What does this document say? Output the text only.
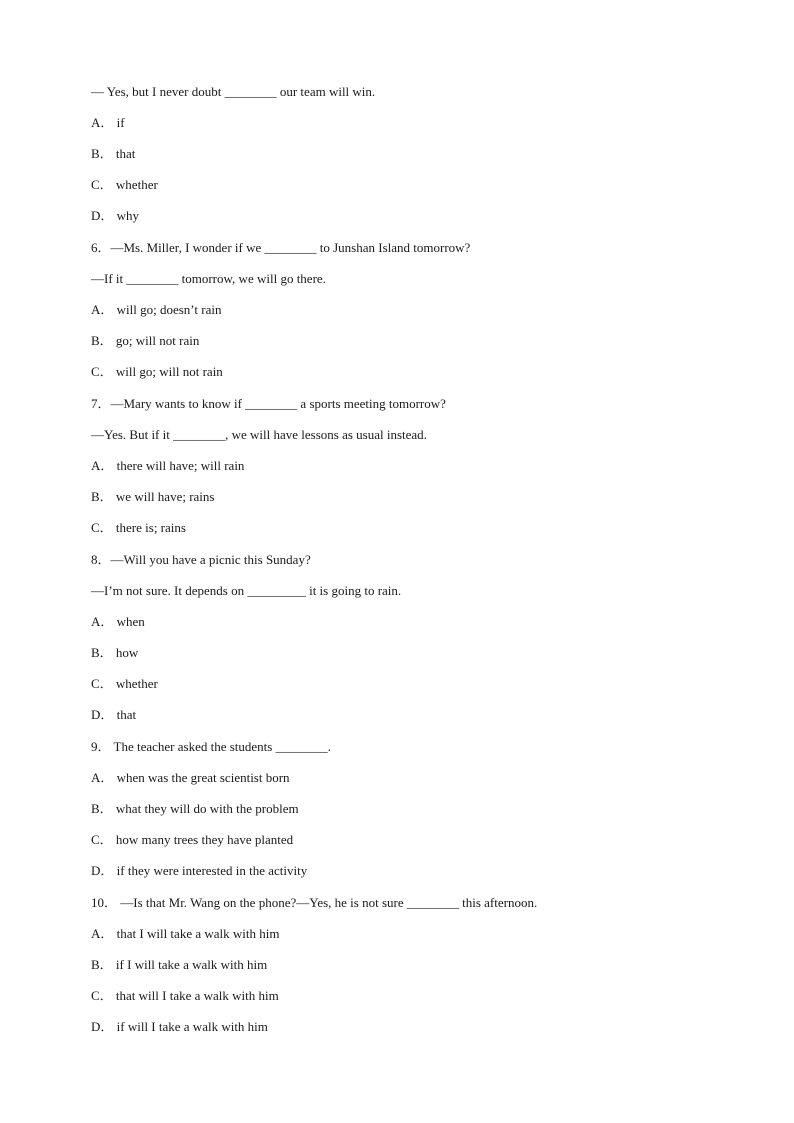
— Yes, but I never doubt ________ our team will win.
A． if
B． that
C． whether
D． why
6．—Ms. Miller, I wonder if we ________ to Junshan Island tomorrow?
—If it ________ tomorrow, we will go there.
A． will go; doesn’t rain
B． go; will not rain
C． will go; will not rain
7．—Mary wants to know if ________ a sports meeting tomorrow?
—Yes. But if it ________, we will have lessons as usual instead.
A． there will have; will rain
B． we will have; rains
C． there is; rains
8．—Will you have a picnic this Sunday?
—I’m not sure. It depends on _________ it is going to rain.
A． when
B． how
C． whether
D． that
9． The teacher asked the students ________.
A． when was the great scientist born
B． what they will do with the problem
C． how many trees they have planted
D． if they were interested in the activity
10． —Is that Mr. Wang on the phone?—Yes, he is not sure ________ this afternoon.
A． that I will take a walk with him
B． if I will take a walk with him
C． that will I take a walk with him
D． if will I take a walk with him
